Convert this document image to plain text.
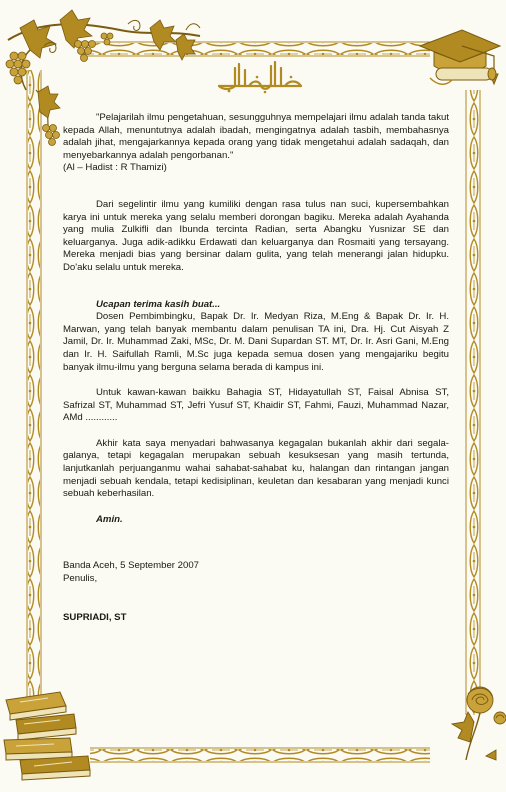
"Pelajarilah ilmu pengetahuan, sesungguhnya mempelajari ilmu adalah tanda takut kepada Allah, menuntutnya adalah ibadah, mengingatnya adalah tasbih, membahasnya adalah jihat, mengajarkannya kepada orang yang tidak mengetahui adalah sadaqah, dan menyebarkannya adalah pengorbanan."

(Al – Hadist : R Thamizi)

Dari segelintir ilmu yang kumiliki dengan rasa tulus nan suci, kupersembahkan karya ini untuk mereka yang selalu memberi dorongan bagiku. Mereka adalah Ayahanda yang mulia Zulkifli dan Ibunda tercinta Radian, serta Abangku Yusnizar SE dan keluarganya. Juga adik-adikku Erdawati dan keluarganya dan Rosmaiti yang tersayang. Mereka menjadi bias yang bersinar dalam gulita, yang telah menerangi jalan hidupku. Do'aku selalu untuk mereka.

Ucapan terima kasih buat...

Dosen Pembimbingku, Bapak Dr. Ir. Medyan Riza, M.Eng & Bapak Dr. Ir. H. Marwan, yang telah banyak membantu dalam penulisan TA ini, Dra. Hj. Cut Aisyah Z Jamil, Dr. Ir. Muhammad Zaki, MSc, Dr. M. Dani Supardan ST. MT, Dr. Ir. Asri Gani, M.Eng dan Ir. H. Saifullah Ramli, M.Sc juga kepada semua dosen yang mengajariku begitu banyak ilmu-ilmu yang berguna selama berada di kampus ini.

Untuk kawan-kawan baikku Bahagia ST, Hidayatullah ST, Faisal Abnisa ST, Safrizal ST, Muhammad ST, Jefri Yusuf ST, Khaidir ST, Fahmi, Fauzi, Muhammad Nazar, AMd ............

Akhir kata saya menyadari bahwasanya kegagalan bukanlah akhir dari segala-galanya, tetapi kegagalan merupakan sebuah kesuksesan yang masih tertunda, lanjutkanlah perjuanganmu wahai sahabat-sahabat ku, halangan dan rintangan jangan menjadi sebuah kendala, tetapi kedisiplinan, keuletan dan kesabaran yang menjadi kunci sebuah keberhasilan.

Amin.

Banda Aceh, 5 September 2007

Penulis,

SUPRIADI, ST
